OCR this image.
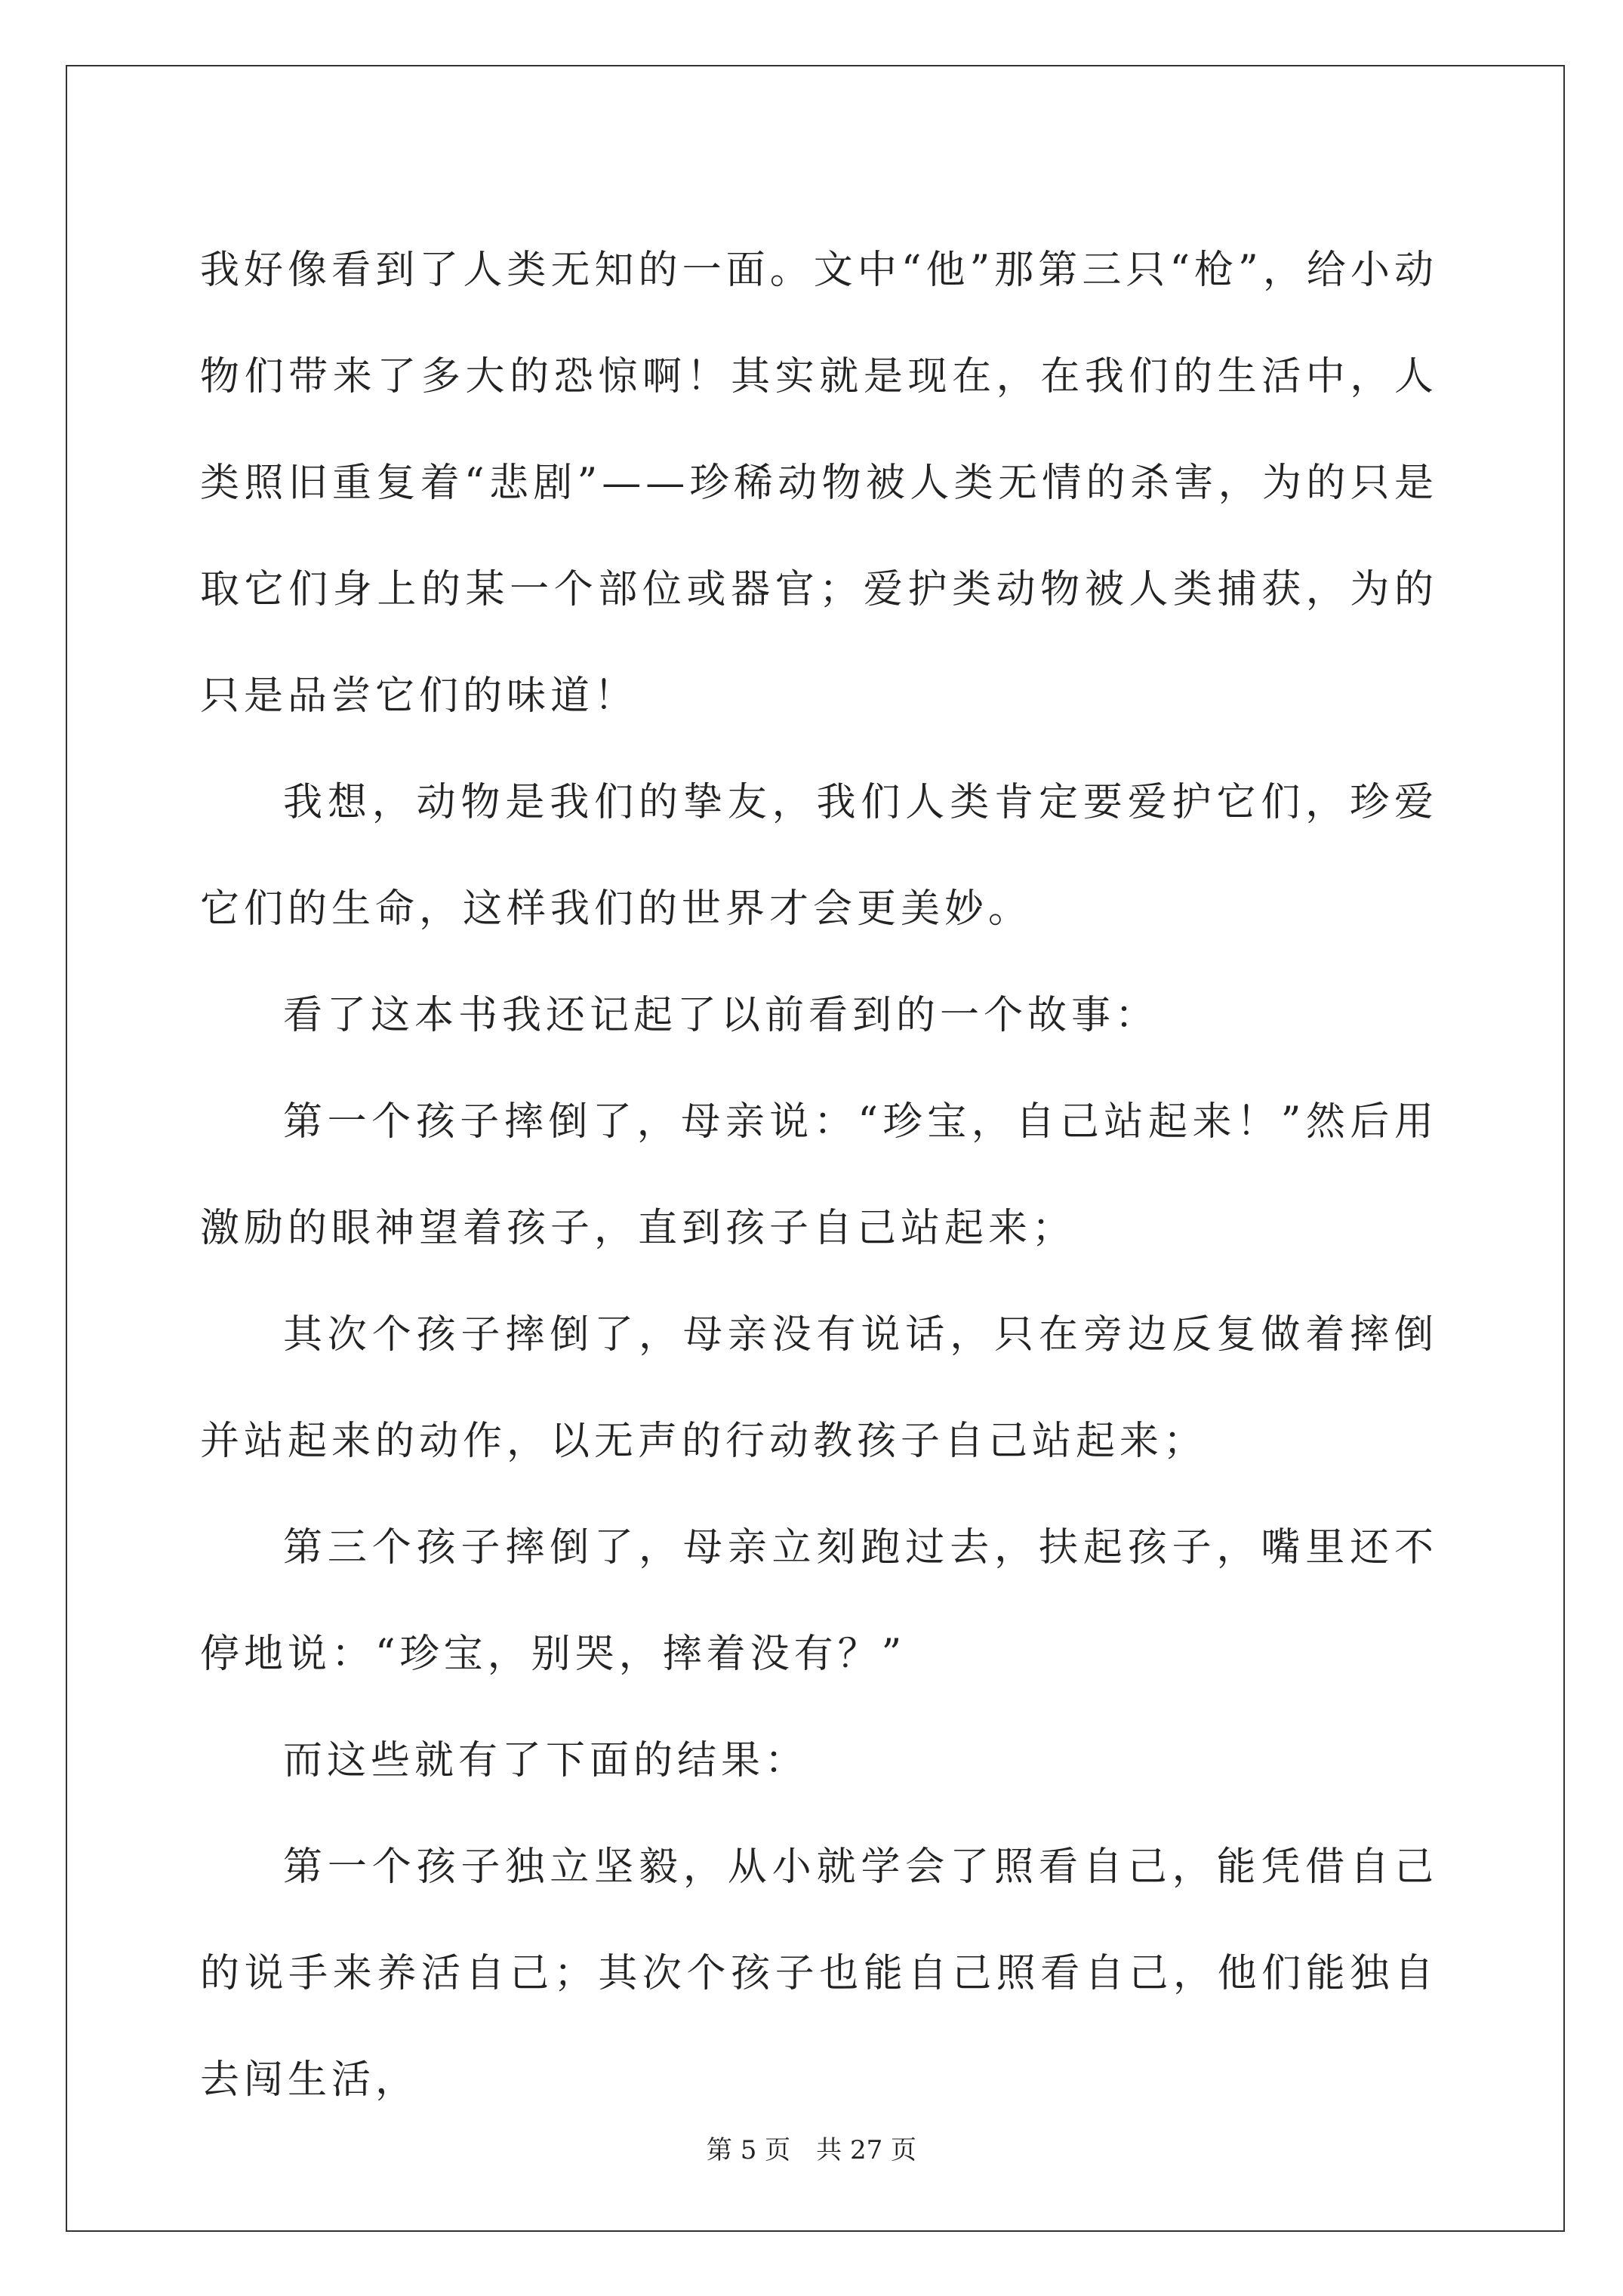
我好像看到了人类无知的一面。文中“他”那第三只“枪”，给小动物们带来了多大的恐惊啊！其实就是现在，在我们的生活中，人类照旧重复着“悲剧”——珍稀动物被人类无情的杀害，为的只是取它们身上的某一个部位或器官；爱护类动物被人类捕获，为的只是品尝它们的味道！

我想，动物是我们的挚友，我们人类肯定要爱护它们，珍爱它们的生命，这样我们的世界才会更美妙。

看了这本书我还记起了以前看到的一个故事：

第一个孩子摔倒了，母亲说：“珍宝，自己站起来！”然后用激励的眼神望着孩子，直到孩子自己站起来；

其次个孩子摔倒了，母亲没有说话，只在旁边反复做着摔倒并站起来的动作，以无声的行动教孩子自己站起来；

第三个孩子摔倒了，母亲立刻跑过去，扶起孩子，嘴里还不停地说：“珍宝，别哭，摔着没有？”

而这些就有了下面的结果：

第一个孩子独立坚毅，从小就学会了照看自己，能凭借自己的说手来养活自己；其次个孩子也能自己照看自己，他们能独自去闯生活，

第 5 页　共 27 页
